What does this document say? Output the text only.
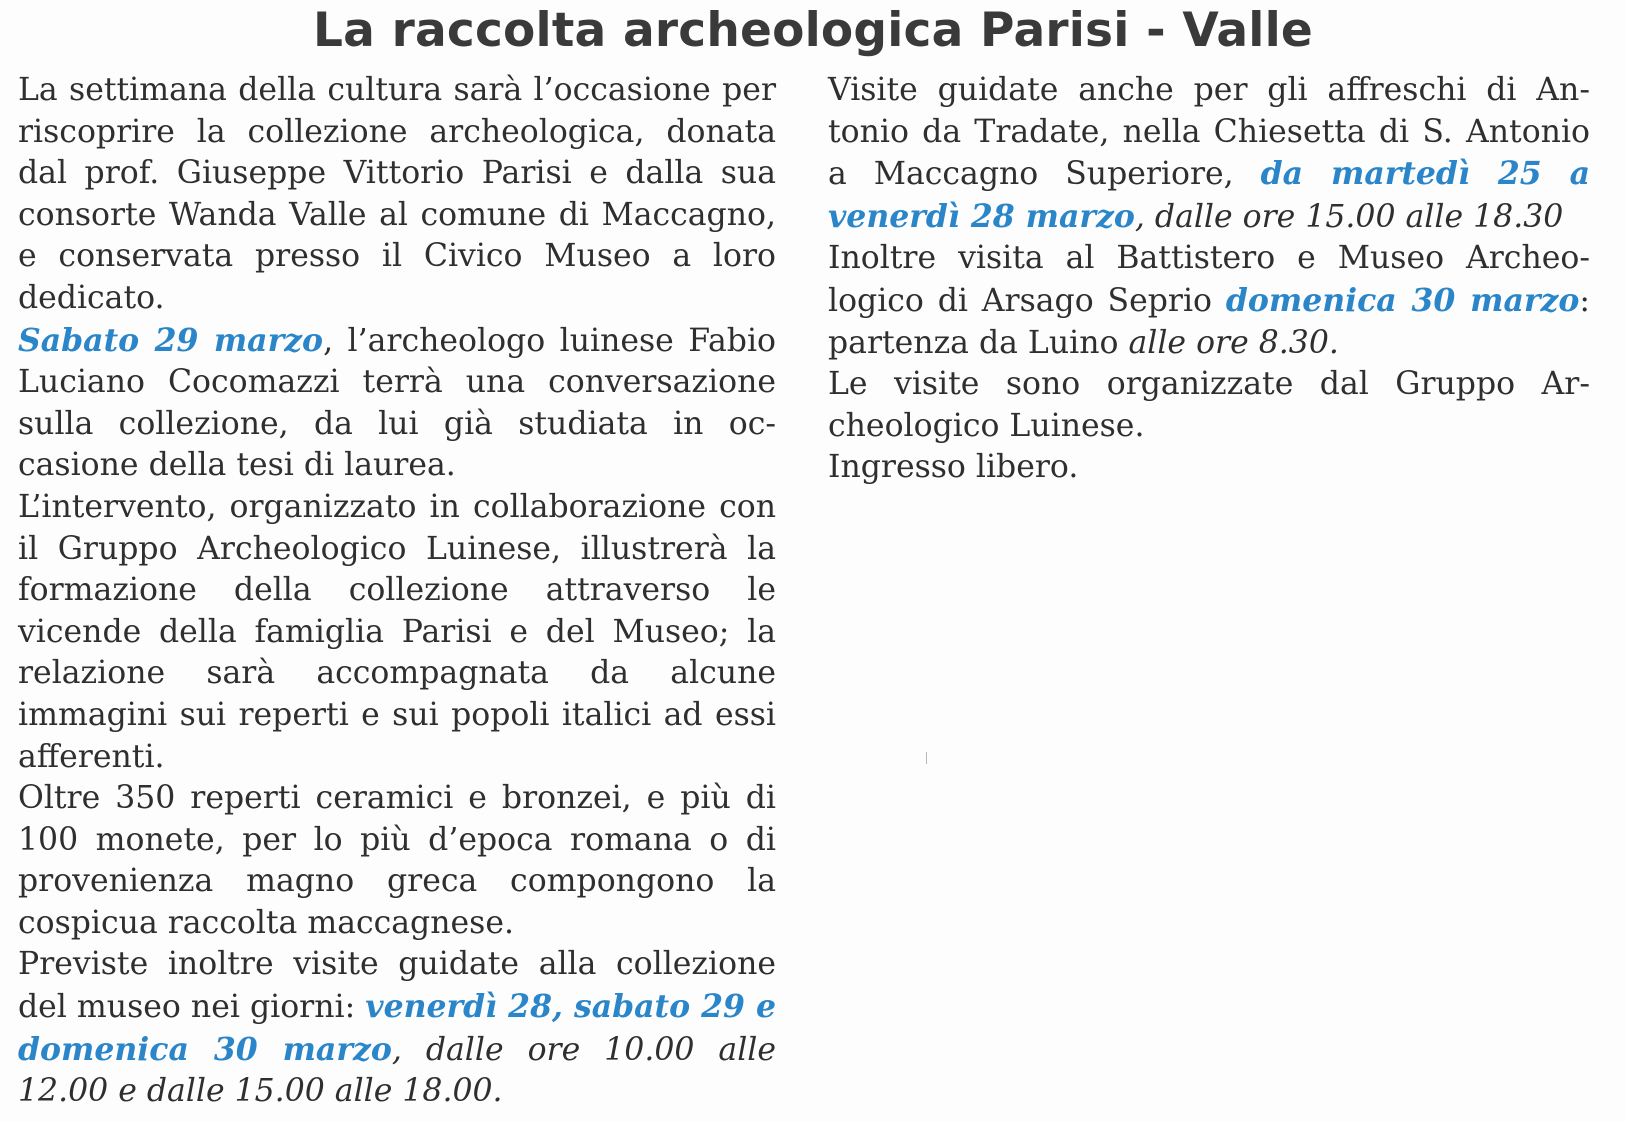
La raccolta archeologica Parisi - Valle

La settimana della cultura sarà l’occasione per riscoprire la collezione archeologica, donata dal prof. Giuseppe Vittorio Parisi e dalla sua consorte Wanda Valle al comune di Maccagno, e conservata presso il Civico Museo a loro dedicato.

Sabato 29 marzo, l’archeologo luinese Fabio Luciano Cocomazzi terrà una conversazione sulla collezione, da lui già studiata in occasione della tesi di laurea.

L’intervento, organizzato in collaborazione con il Gruppo Archeologico Luinese, illustrerà la formazione della collezione attraverso le vicende della famiglia Parisi e del Museo; la relazione sarà accompagnata da alcune immagini sui reperti e sui popoli italici ad essi afferenti.

Oltre 350 reperti ceramici e bronzei, e più di 100 monete, per lo più d’epoca romana o di provenienza magno greca compongono la cospicua raccolta maccagnese.

Previste inoltre visite guidate alla collezione del museo nei giorni: venerdì 28, sabato 29 e domenica 30 marzo, dalle ore 10.00 alle 12.00 e dalle 15.00 alle 18.00.

Visite guidate anche per gli affreschi di Antonio da Tradate, nella Chiesetta di S. Antonio a Maccagno Superiore, da martedì 25 a venerdì 28 marzo, dalle ore 15.00 alle 18.30

Inoltre visita al Battistero e Museo Archeologico di Arsago Seprio domenica 30 marzo: partenza da Luino alle ore 8.30.

Le visite sono organizzate dal Gruppo Archeologico Luinese.

Ingresso libero.
